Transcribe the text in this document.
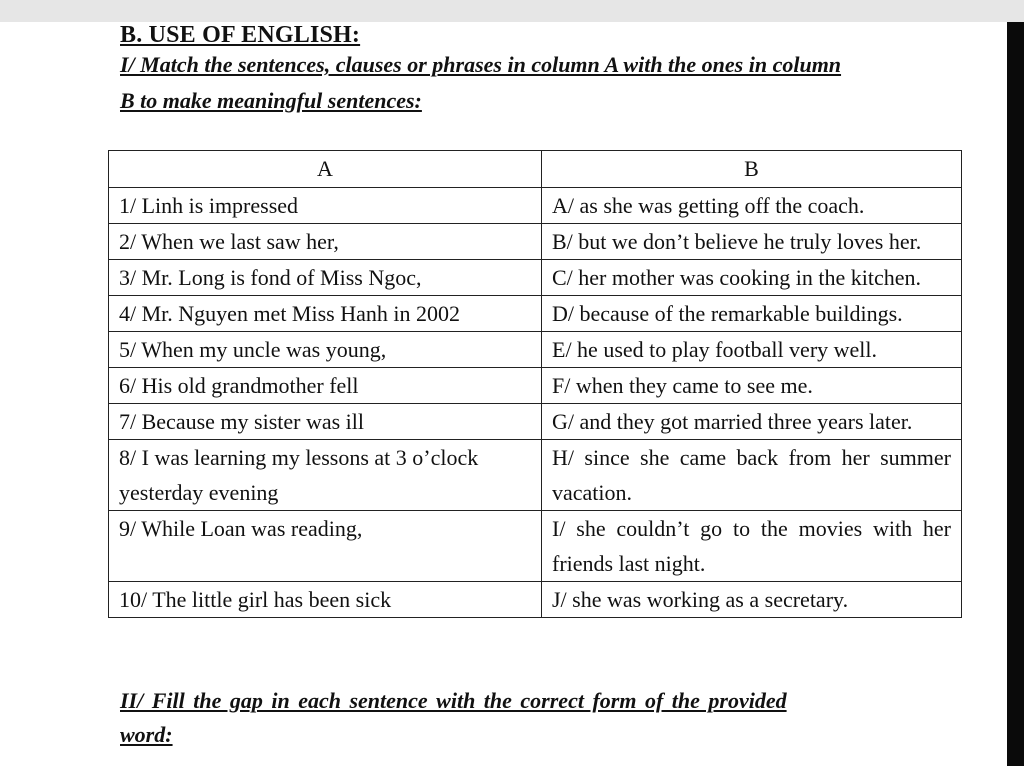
B. USE OF ENGLISH:
I/ Match the sentences, clauses or phrases in column A with the ones in column
B to make meaningful sentences:
A	B
1/ Linh is impressed	A/ as she was getting off the coach.
2/ When we last saw her,	B/ but we don’t believe he truly loves her.
3/ Mr. Long is fond of Miss Ngoc,	C/ her mother was cooking in the kitchen.
4/ Mr. Nguyen met Miss Hanh in 2002	D/ because of the remarkable buildings.
5/ When my uncle was young,	E/ he used to play football very well.
6/ His old grandmother fell	F/ when they came to see me.
7/ Because my sister was ill	G/ and they got married three years later.
8/ I was learning my lessons at 3 o’clock yesterday evening	H/ since she came back from her summer vacation.
9/ While Loan was reading,	I/ she couldn’t go to the movies with her friends last night.
10/ The little girl has been sick	J/ she was working as a secretary.
II/ Fill the gap in each sentence with the correct form of the provided
word:
